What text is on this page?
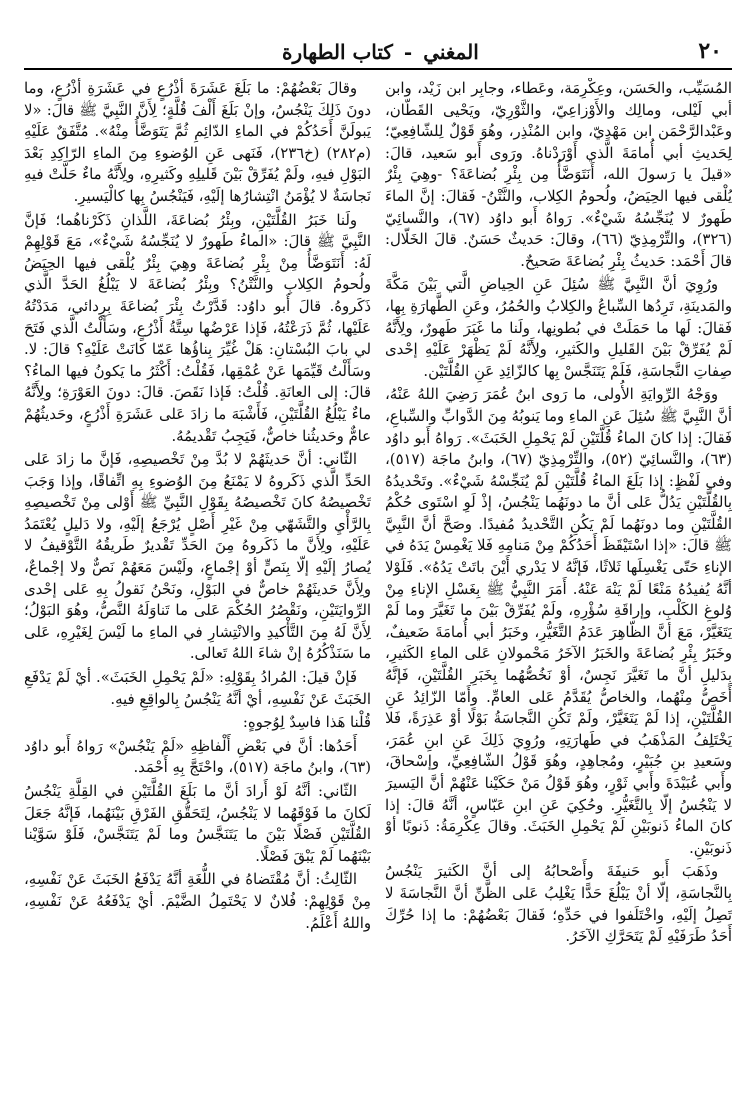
٢٠
المغني - كتاب الطهارة

المُسَيِّب، والحَسَن، وعِكْرِمَة، وعَطاء، وجابِر ابن زَيْد، وابن أبي لَيْلى، ومالِك والأَوْزاعِيّ، والثَّوْرِيّ، ويَحْيى القَطّان، وعَبْدالرَّحْمَن ابن مَهْدِيّ، وابن المُنْذِر، وهُوَ قَوْلٌ لِلشّافِعِيّ؛ لِحَديثِ أبي أُمامَةَ الَّذي أَوْرَدْناهُ. ورَوى أَبو سَعيد، قالَ: «قيلَ يا رَسولَ الله، أَنَتَوَضَّأُ مِن بِئْرِ بُضاعَةَ؟ -وهِيَ بِئْرٌ يُلْقى فيها الحِيَضُ، ولُحومُ الكِلاب، والنَّتْنُ- فَقالَ: إنَّ الماءَ طَهورٌ لا يُنَجِّسُهُ شَيْءٌ». رَواهُ أَبو داوُد (٦٧)، والنَّسائِيّ (٣٢٦)، والتِّرْمِذِيّ (٦٦)، وقالَ: حَديثٌ حَسَنٌ. قالَ الخَلّال: قالَ أَحْمَد: حَديثُ بِئْرِ بُضاعَةَ صَحيحٌ.

ورُوِيَ أنَّ النَّبِيَّ ﷺ سُئِلَ عَنِ الحِياضِ الَّتي بَيْنَ مَكَّةَ والمَدينَةِ، تَرِدُها السِّباعُ والكِلابُ والحُمُرُ، وعَنِ الطَّهارَةِ بِها، فَقالَ: لَها ما حَمَلَتْ في بُطونِها، ولَنا ما غَبَرَ طَهورٌ، ولِأَنَّهُ لَمْ يُفَرِّقْ بَيْنَ القَليلِ والكَثيرِ، ولِأَنَّهُ لَمْ يَظْهَرْ عَلَيْهِ إحْدى صِفاتِ النَّجاسَةِ، فَلَمْ يَتَنَجَّسْ بِها كالزّائِدِ عَنِ القُلَّتَيْن.

ووَجْهُ الرِّوايَةِ الأُولى، ما رَوى ابنُ عُمَرَ رَضِيَ اللهُ عَنْهُ، أنَّ النَّبِيَّ ﷺ سُئِلَ عَنِ الماءِ وما يَنوبُهُ مِنَ الدَّوابِّ والسِّباعِ، فَقالَ: إذا كانَ الماءُ قُلَّتَيْنِ لَمْ يَحْمِلِ الخَبَثَ». رَواهُ أَبو داوُد (٦٣)، والنَّسائِيّ (٥٢)، والتِّرْمِذِيّ (٦٧)، وابنُ ماجَة (٥١٧)، وفي لَفْظٍ: إذا بَلَغَ الماءُ قُلَّتَيْنِ لَمْ يُنَجِّسْهُ شَيْءٌ». وتَحْديدُهُ بِالقُلَّتَيْنِ يَدُلُّ عَلى أنَّ ما دونَهُما يَنْجُسُ، إذْ لَوِ اسْتَوى حُكْمُ القُلَّتَيْنِ وما دونَهُما لَمْ يَكُنِ التَّحْديدُ مُفيدًا. وصَحَّ أنَّ النَّبِيَّ ﷺ قالَ: «إذا اسْتَيْقَظَ أَحَدُكُمْ مِنْ مَنامِهِ فَلا يَغْمِسْ يَدَهُ في الإناءِ حَتّى يَغْسِلَها ثَلاثًا، فَإنَّهُ لا يَدْري أَيْنَ باتَتْ يَدُهُ». فَلَوْلا أنَّهُ يُفيدُهُ مَنْعًا لَمْ يَنْهَ عَنْهُ. أَمَرَ النَّبِيُّ ﷺ بِغَسْلِ الإناءِ مِنْ وُلوغِ الكَلْبِ، وإراقَةِ سُؤْرِهِ، ولَمْ يُفَرِّقْ بَيْنَ ما تَغَيَّرَ وما لَمْ يَتَغَيَّرْ، مَعَ أنَّ الظّاهِرَ عَدَمُ التَّغَيُّرِ، وخَبَرُ أبي أُمامَةَ ضَعيفٌ، وخَبَرُ بِئْرِ بُضاعَةَ والخَبَرُ الآخَرُ مَحْمولانِ عَلى الماءِ الكَثيرِ، بِدَليلِ أنَّ ما تَغَيَّرَ نَجِسٌ، أوْ نَخُصُّهُما بِخَبَرِ القُلَّتَيْنِ، فَإنَّهُ أَخَصُّ مِنْهُما، والخاصُّ يُقَدَّمُ عَلى العامِّ. وأَمّا الزّائِدُ عَنِ القُلَّتَيْنِ، إذا لَمْ يَتَغَيَّرْ، ولَمْ تَكُنِ النَّجاسَةُ بَوْلًا أوْ عَذِرَةً، فَلا يَخْتَلِفُ المَذْهَبُ في طَهارَتِهِ، ورُوِيَ ذَلِكَ عَنِ ابنِ عُمَرَ، وسَعيدِ بنِ جُبَيْرٍ، ومُجاهِدٍ، وهُوَ قَوْلُ الشّافِعِيِّ، وإسْحاقَ، وأَبي عُبَيْدَةَ وأَبي ثَوْرٍ، وهُوَ قَوْلُ مَنْ حَكَيْنا عَنْهُمْ أنَّ اليَسيرَ لا يَنْجُسُ إلّا بِالتَّغَيُّرِ. وحُكِيَ عَنِ ابنِ عَبّاسٍ، أنَّهُ قالَ: إذا كانَ الماءُ ذَنوبَيْنِ لَمْ يَحْمِلِ الخَبَثَ. وقالَ عِكْرِمَةُ: ذَنوبًا أوْ ذَنوبَيْنِ.

وذَهَبَ أَبو حَنيفَةَ وأَصْحابُهُ إلى أنَّ الكَثيرَ يَنْجُسُ بِالنَّجاسَةِ، إلّا أنْ يَبْلُغَ حَدًّا يَغْلِبُ عَلى الظَّنِّ أنَّ النَّجاسَةَ لا تَصِلُ إلَيْهِ، واخْتَلَفوا في حَدِّهِ؛ فَقالَ بَعْضُهُمْ: ما إذا حُرِّكَ أَحَدُ طَرَفَيْهِ لَمْ يَتَحَرَّكِ الآخَرُ.

وقالَ بَعْضُهُمْ: ما بَلَغَ عَشَرَةَ أَذْرُعٍ في عَشَرَةِ أَذْرُعٍ، وما دونَ ذَلِكَ يَنْجُسُ، وإنْ بَلَغَ أَلْفَ قُلَّةٍ؛ لِأَنَّ النَّبِيَّ ﷺ قالَ: «لا يَبولَنَّ أَحَدُكُمْ في الماءِ الدّائِمِ ثُمَّ يَتَوَضَّأُ مِنْهُ». مُتَّفَقٌ عَلَيْهِ (م٢٨٢) (خ٢٣٦)، فَنَهى عَنِ الوُضوءِ مِنَ الماءِ الرّاكِدِ بَعْدَ البَوْلِ فيهِ، ولَمْ يُفَرِّقْ بَيْنَ قَليلِهِ وكَثيرِهِ، ولِأَنَّهُ ماءٌ حَلَّتْ فيهِ نَجاسَةٌ لا يُؤْمَنُ انْتِشارُها إلَيْهِ، فَيَنْجُسُ بِها كالْيَسيرِ.

ولَنا خَبَرُ القُلَّتَيْنِ، وبِئْرُ بُضاعَةَ، اللَّذانِ ذَكَرْناهُما؛ فَإنَّ النَّبِيَّ ﷺ قالَ: «الماءُ طَهورٌ لا يُنَجِّسُهُ شَيْءٌ»، مَعَ قَوْلِهِمْ لَهُ: أَنَتَوَضَّأُ مِنْ بِئْرِ بُضاعَةَ وهِيَ بِئْرٌ يُلْقى فيها الحِيَضُ ولُحومُ الكِلابِ والنَّتْنُ؟ وبِئْرُ بُضاعَةَ لا يَبْلُغُ الحَدَّ الَّذي ذَكَروهُ. قالَ أَبو داوُد: قَدَّرْتُ بِئْرَ بُضاعَةَ بِرِدائي، مَدَدْتُهُ عَلَيْها، ثُمَّ ذَرَعْتُهُ، فَإذا عَرْضُها سِتَّةُ أَذْرُعٍ، وسَأَلْتُ الَّذي فَتَحَ لي بابَ البُسْتانِ: هَلْ غُيِّرَ بِناؤُها عَمّا كانَتْ عَلَيْهِ؟ قالَ: لا. وسَأَلْتُ قَيِّمَها عَنْ عُمْقِها، فَقُلْتُ: أَكْثَرُ ما يَكونُ فيها الماءُ؟ قالَ: إلى العانَةِ. قُلْتُ: فَإذا نَقَصَ. قالَ: دونَ العَوْرَةِ؛ ولِأَنَّهُ ماءٌ يَبْلُغُ القُلَّتَيْنِ، فَأَشْبَهَ ما زادَ عَلى عَشَرَةِ أَذْرُعٍ، وحَديثُهُمْ عامٌّ وحَديثُنا خاصٌّ، فَيَجِبُ تَقْديمُهُ.

الثّاني: أنَّ حَديثَهُمْ لا بُدَّ مِنْ تَخْصيصِهِ، فَإنَّ ما زادَ عَلى الحَدِّ الَّذي ذَكَروهُ لا يَمْنَعُ مِنَ الوُضوءِ بِهِ اتِّفاقًا، وإذا وَجَبَ تَخْصيصُهُ كانَ تَخْصيصُهُ بِقَوْلِ النَّبِيِّ ﷺ أَوْلى مِنْ تَخْصيصِهِ بِالرَّأْيِ والتَّشَهّي مِنْ غَيْرِ أَصْلٍ يُرْجَعُ إلَيْهِ، ولا دَليلٍ يُعْتَمَدُ عَلَيْهِ، ولِأَنَّ ما ذَكَروهُ مِنَ الحَدِّ تَقْديرٌ طَريقُهُ التَّوْقيفُ لا يُصارُ إلَيْهِ إلّا بِنَصٍّ أوْ إجْماعٍ، ولَيْسَ مَعَهُمْ نَصٌّ ولا إجْماعٌ، ولِأَنَّ حَديثَهُمْ خاصٌّ في البَوْلِ، ونَحْنُ نَقولُ بِهِ عَلى إحْدى الرِّوايَتَيْنِ، ونَقْصُرُ الحُكْمَ عَلى ما تَناوَلَهُ النَّصُّ، وهُوَ البَوْلُ؛ لِأَنَّ لَهُ مِنَ التَّأْكيدِ والانْتِشارِ في الماءِ ما لَيْسَ لِغَيْرِهِ، عَلى ما سَنَذْكُرُهُ إنْ شاءَ اللهُ تَعالى.

فَإنْ قيلَ: المُرادُ بِقَوْلِهِ: «لَمْ يَحْمِلِ الخَبَثَ». أيْ لَمْ يَدْفَعِ الخَبَثَ عَنْ نَفْسِهِ، أيْ أنَّهُ يَنْجُسُ بِالواقِعِ فيهِ.

قُلْنا هَذا فاسِدٌ لِوُجوهٍ:

أَحَدُها: أنَّ في بَعْضِ أَلْفاظِهِ «لَمْ يَنْجُسْ» رَواهُ أَبو داوُد (٦٣)، وابنُ ماجَة (٥١٧)، واحْتَجَّ بِهِ أَحْمَد.

الثّاني: أنَّهُ لَوْ أَرادَ أنَّ ما بَلَغَ القُلَّتَيْنِ في القِلَّةِ يَنْجُسُ لَكانَ ما فَوْقَهُما لا يَنْجُسُ، لِتَحَقُّقِ الفَرْقِ بَيْنَهُما، فَإنَّهُ جَعَلَ القُلَّتَيْنِ فَصْلًا بَيْنَ ما يَتَنَجَّسُ وما لَمْ يَتَنَجَّسْ، فَلَوْ سَوَّيْنا بَيْنَهُما لَمْ يَبْقَ فَصْلًا.

الثّالِثُ: أنَّ مُقْتَضاهُ في اللُّغَةِ أنَّهُ يَدْفَعُ الخَبَثَ عَنْ نَفْسِهِ، مِنْ قَوْلِهِمْ: فُلانٌ لا يَحْتَمِلُ الضَّيْمَ. أيْ يَدْفَعُهُ عَنْ نَفْسِهِ، واللهُ أَعْلَمُ.
